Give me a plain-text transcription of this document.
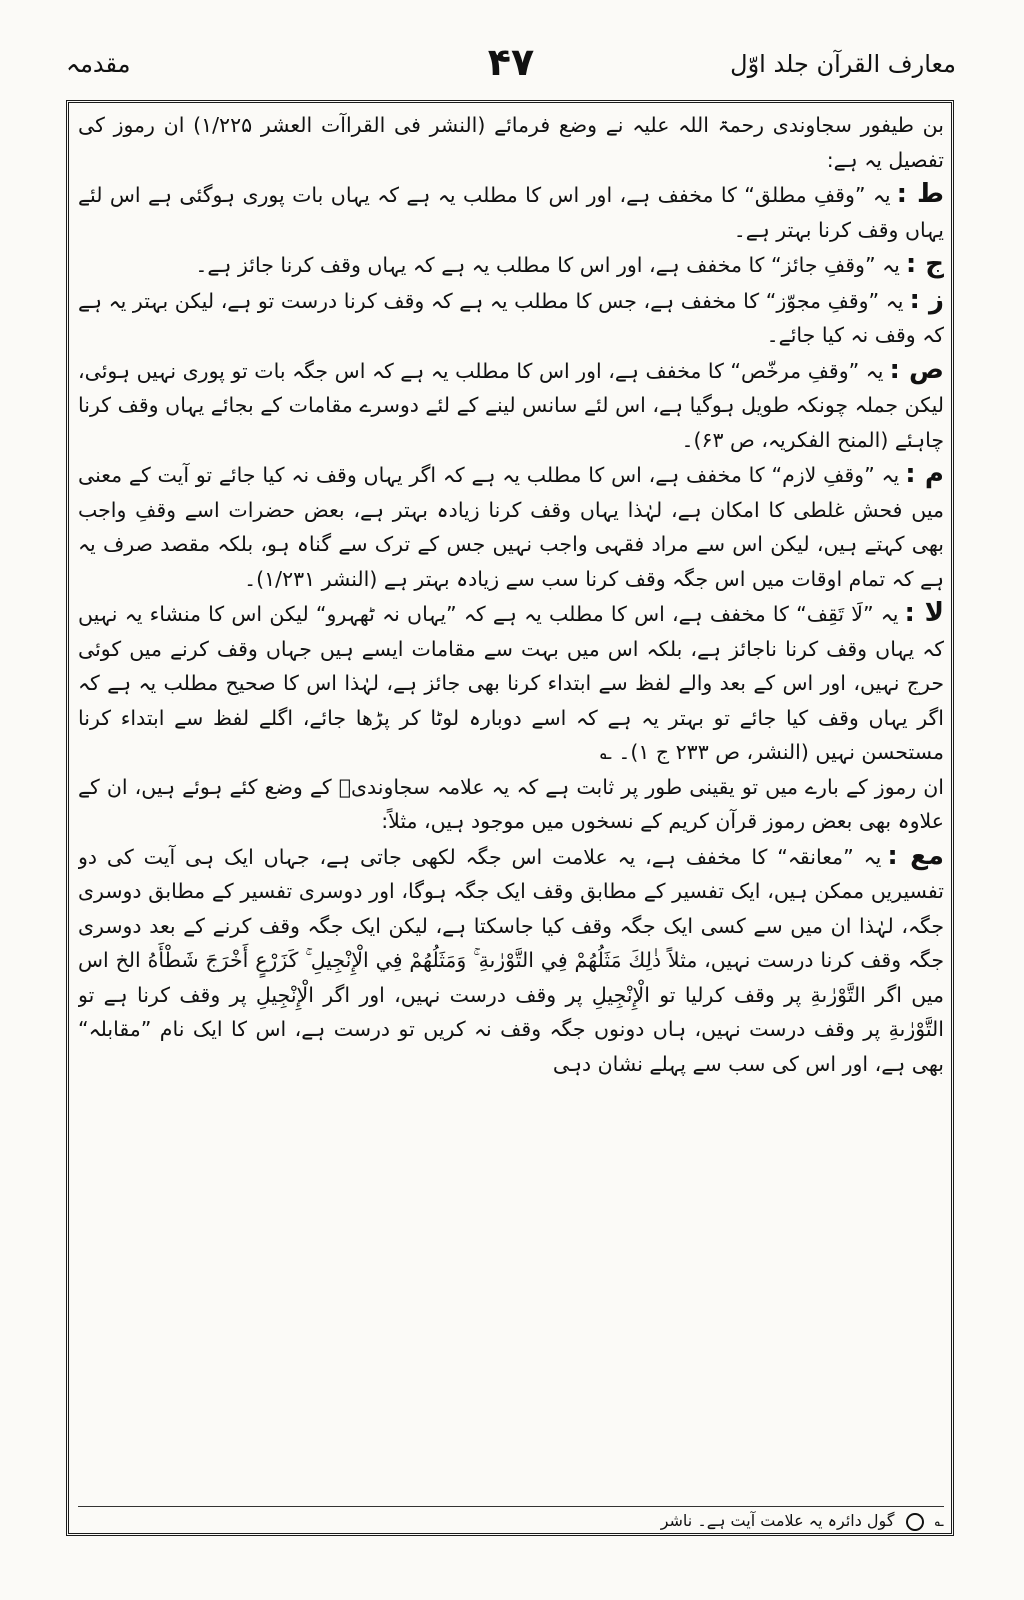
معارف القرآن جلد اوّل
۴۷
مقدمہ

بن طیفور سجاوندی رحمۃ اللہ علیہ نے وضع فرمائے (النشر فی القراآت العشر ۱/۲۲۵) ان رموز کی تفصیل یہ ہے:

ط :یہ ”وقفِ مطلق“ کا مخفف ہے، اور اس کا مطلب یہ ہے کہ یہاں بات پوری ہوگئی ہے اس لئے یہاں وقف کرنا بہتر ہے۔

ج :یہ ”وقفِ جائز“ کا مخفف ہے، اور اس کا مطلب یہ ہے کہ یہاں وقف کرنا جائز ہے۔

ز :یہ ”وقفِ مجوّز“ کا مخفف ہے، جس کا مطلب یہ ہے کہ وقف کرنا درست تو ہے، لیکن بہتر یہ ہے کہ وقف نہ کیا جائے۔

ص :یہ ”وقفِ مرخّص“ کا مخفف ہے، اور اس کا مطلب یہ ہے کہ اس جگہ بات تو پوری نہیں ہوئی، لیکن جملہ چونکہ طویل ہوگیا ہے، اس لئے سانس لینے کے لئے دوسرے مقامات کے بجائے یہاں وقف کرنا چاہئے (المنح الفکریہ، ص ۶۳)۔

م :یہ ”وقفِ لازم“ کا مخفف ہے، اس کا مطلب یہ ہے کہ اگر یہاں وقف نہ کیا جائے تو آیت کے معنی میں فحش غلطی کا امکان ہے، لہٰذا یہاں وقف کرنا زیادہ بہتر ہے، بعض حضرات اسے وقفِ واجب بھی کہتے ہیں، لیکن اس سے مراد فقہی واجب نہیں جس کے ترک سے گناہ ہو، بلکہ مقصد صرف یہ ہے کہ تمام اوقات میں اس جگہ وقف کرنا سب سے زیادہ بہتر ہے (النشر ۱/۲۳۱)۔

لا :یہ ”لَا تَقِف“ کا مخفف ہے، اس کا مطلب یہ ہے کہ ”یہاں نہ ٹھہرو“ لیکن اس کا منشاء یہ نہیں کہ یہاں وقف کرنا ناجائز ہے، بلکہ اس میں بہت سے مقامات ایسے ہیں جہاں وقف کرنے میں کوئی حرج نہیں، اور اس کے بعد والے لفظ سے ابتداء کرنا بھی جائز ہے، لہٰذا اس کا صحیح مطلب یہ ہے کہ اگر یہاں وقف کیا جائے تو بہتر یہ ہے کہ اسے دوبارہ لوٹا کر پڑھا جائے، اگلے لفظ سے ابتداء کرنا مستحسن نہیں (النشر، ص ۲۳۳ ج ۱)۔ ؎

ان رموز کے بارے میں تو یقینی طور پر ثابت ہے کہ یہ علامہ سجاوندیؒ کے وضع کئے ہوئے ہیں، ان کے علاوہ بھی بعض رموز قرآن کریم کے نسخوں میں موجود ہیں، مثلاً:

مع :یہ ”معانقہ“ کا مخفف ہے، یہ علامت اس جگہ لکھی جاتی ہے، جہاں ایک ہی آیت کی دو تفسیریں ممکن ہیں، ایک تفسیر کے مطابق وقف ایک جگہ ہوگا، اور دوسری تفسیر کے مطابق دوسری جگہ، لہٰذا ان میں سے کسی ایک جگہ وقف کیا جاسکتا ہے، لیکن ایک جگہ وقف کرنے کے بعد دوسری جگہ وقف کرنا درست نہیں، مثلاً ذٰلِكَ مَثَلُهُمْ فِي التَّوْرٰىةِ ۚ وَمَثَلُهُمْ فِي الْإِنْجِيلِ ۚ كَزَرْعٍ أَخْرَجَ شَطْأَهُ الخ اس میں اگر التَّوْرٰىةِ پر وقف کرلیا تو الْإِنْجِيلِ پر وقف درست نہیں، اور اگر الْإِنْجِيلِ پر وقف کرنا ہے تو التَّوْرٰىةِ پر وقف درست نہیں، ہاں دونوں جگہ وقف نہ کریں تو درست ہے، اس کا ایک نام ”مقابلہ“ بھی ہے، اور اس کی سب سے پہلے نشان دہی

؎  گول دائرہ یہ علامت آیت ہے۔ ناشر
